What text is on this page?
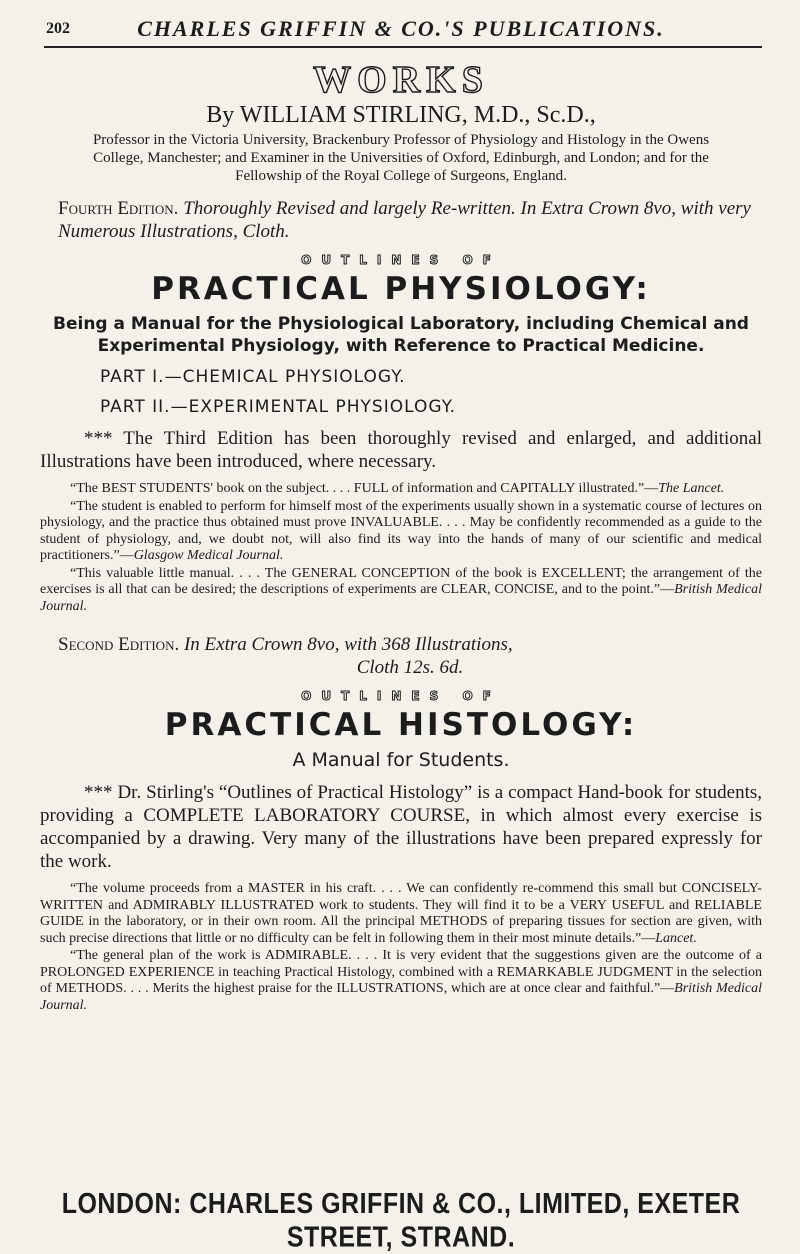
202	CHARLES GRIFFIN & CO.'S PUBLICATIONS.
WORKS
By WILLIAM STIRLING, M.D., Sc.D.,
Professor in the Victoria University, Brackenbury Professor of Physiology and Histology in the Owens College, Manchester; and Examiner in the Universities of Oxford, Edinburgh, and London; and for the Fellowship of the Royal College of Surgeons, England.
Fourth Edition. Thoroughly Revised and largely Re-written. In Extra Crown 8vo, with very Numerous Illustrations, Cloth.
OUTLINES OF
PRACTICAL PHYSIOLOGY:
Being a Manual for the Physiological Laboratory, including Chemical and Experimental Physiology, with Reference to Practical Medicine.
PART I.—CHEMICAL PHYSIOLOGY.
PART II.—EXPERIMENTAL PHYSIOLOGY.
*** The Third Edition has been thoroughly revised and enlarged, and additional Illustrations have been introduced, where necessary.

“The BEST STUDENTS' book on the subject. . . . FULL of information and CAPITALLY illustrated.”—The Lancet.

“The student is enabled to perform for himself most of the experiments usually shown in a systematic course of lectures on physiology, and the practice thus obtained must prove INVALUABLE. . . . May be confidently recommended as a guide to the student of physiology, and, we doubt not, will also find its way into the hands of many of our scientific and medical practitioners.”—Glasgow Medical Journal.

“This valuable little manual. . . . The GENERAL CONCEPTION of the book is EXCELLENT; the arrangement of the exercises is all that can be desired; the descriptions of experiments are CLEAR, CONCISE, and to the point.”—British Medical Journal.

Second Edition. In Extra Crown 8vo, with 368 Illustrations,
Cloth 12s. 6d.
OUTLINES OF
PRACTICAL HISTOLOGY:
A Manual for Students.
*** Dr. Stirling's “Outlines of Practical Histology” is a compact Hand-book for students, providing a COMPLETE LABORATORY COURSE, in which almost every exercise is accompanied by a drawing. Very many of the illustrations have been prepared expressly for the work.

“The volume proceeds from a MASTER in his craft. . . . We can confidently re-commend this small but CONCISELY-WRITTEN and ADMIRABLY ILLUSTRATED work to students. They will find it to be a VERY USEFUL and RELIABLE GUIDE in the laboratory, or in their own room. All the principal METHODS of preparing tissues for section are given, with such precise directions that little or no difficulty can be felt in following them in their most minute details.”—Lancet.

“The general plan of the work is ADMIRABLE. . . . It is very evident that the suggestions given are the outcome of a PROLONGED EXPERIENCE in teaching Practical Histology, combined with a REMARKABLE JUDGMENT in the selection of METHODS. . . . Merits the highest praise for the ILLUSTRATIONS, which are at once clear and faithful.”—British Medical Journal.

LONDON: CHARLES GRIFFIN & CO., LIMITED, EXETER STREET, STRAND.
